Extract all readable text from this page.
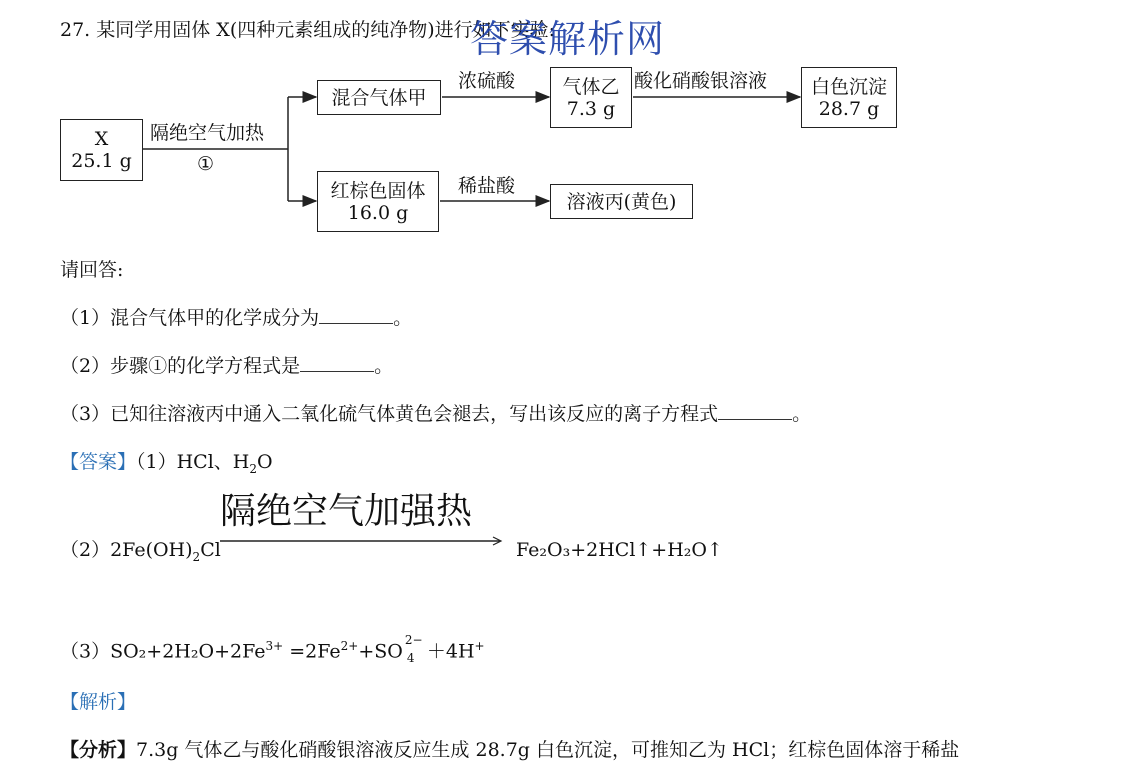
27. 某同学用固体 X(四种元素组成的纯净物)进行如下实验:
答案解析网
X
25.1 g
隔绝空气加热
①
混合气体甲
浓硫酸 气体乙
7.3 g
酸化硝酸银溶液 白色沉淀
28.7 g
红棕色固体
16.0 g
稀盐酸
溶液丙(黄色)
请回答:
（1）混合气体甲的化学成分为	。
（2）步骤①的化学方程式是	。
（3）已知往溶液丙中通入二氧化硫气体黄色会褪去，写出该反应的离子方程式	。
【答案】（1）HCl、$H_2O$
隔绝空气加强热
$(2)2Fe(OH)_2Cl$	Fe₂O₃+2HCl↑+H₂O↑
$(3)SO_2+2H_2O+2Fe^{3+} =2Fe^{2+}+SO$
2−
4 ＋4H+
【解析】
【分析】7.3g 气体乙与酸化硝酸银溶液反应生成 28.7g 白色沉淀，可推知乙为 HCl；红棕色固体溶于稀盐
